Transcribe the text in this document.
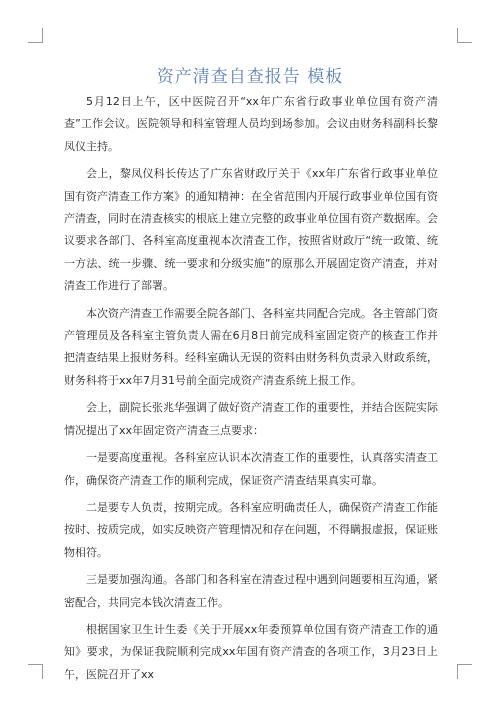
资产清查自查报告 模板

5月12日上午，区中医院召开“xx年广东省行政事业单位国有资产清查”工作会议。医院领导和科室管理人员均到场参加。会议由财务科副科长黎凤仪主持。

会上，黎凤仪科长传达了广东省财政厅关于《xx年广东省行政事业单位国有资产清查工作方案》的通知精神：在全省范围内开展行政事业单位国有资产清查，同时在清查核实的根底上建立完整的政事业单位国有资产数据库。会议要求各部门、各科室高度重视本次清查工作，按照省财政厅“统一政策、统一方法、统一步骤、统一要求和分级实施”的原那么开展固定资产清查，并对清查工作进行了部署。

本次资产清查工作需要全院各部门、各科室共同配合完成。各主管部门资产管理员及各科室主管负责人需在6月8日前完成科室固定资产的核查工作并把清查结果上报财务科。经科室确认无误的资料由财务科负责录入财政系统，财务科将于xx年7月31号前全面完成资产清查系统上报工作。

会上，副院长张兆华强调了做好资产清查工作的重要性，并结合医院实际情况提出了xx年固定资产清查三点要求：

一是要高度重视。各科室应认识本次清查工作的重要性，认真落实清查工作，确保资产清查工作的顺利完成，保证资产清查结果真实可靠。

二是要专人负责，按期完成。各科室应明确责任人，确保资产清查工作能按时、按质完成，如实反映资产管理情况和存在问题，不得瞒报虚报，保证账物相符。

三是要加强沟通。各部门和各科室在清查过程中遇到问题要相互沟通，紧密配合，共同完本钱次清查工作。

根据国家卫生计生委《关于开展xx年委预算单位国有资产清查工作的通知》要求，为保证我院顺利完成xx年国有资产清查的各项工作，3月23日上午，医院召开了xx
